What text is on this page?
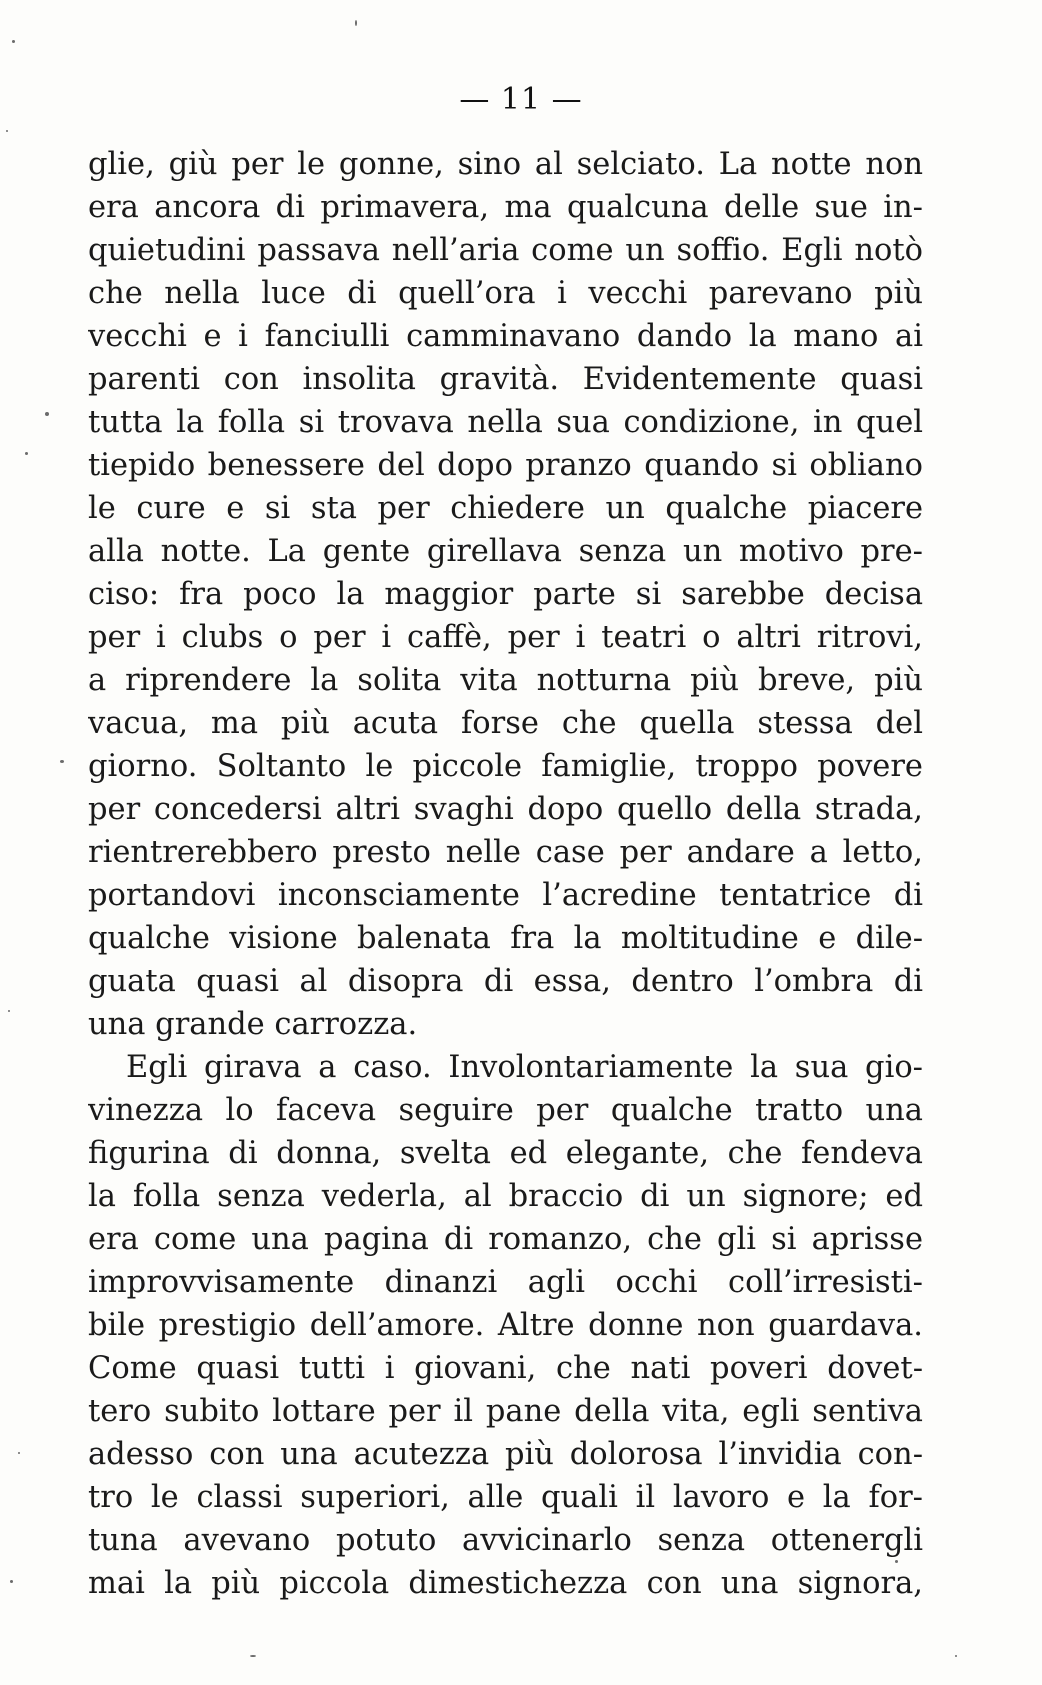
— 11 —
glie, giù per le gonne, sino al selciato. La notte non
era ancora di primavera, ma qualcuna delle sue in-
quietudini passava nell’aria come un soffio. Egli notò
che nella luce di quell’ora i vecchi parevano più
vecchi e i fanciulli camminavano dando la mano ai
parenti con insolita gravità. Evidentemente quasi
tutta la folla si trovava nella sua condizione, in quel
tiepido benessere del dopo pranzo quando si obliano
le cure e si sta per chiedere un qualche piacere
alla notte. La gente girellava senza un motivo pre-
ciso: fra poco la maggior parte si sarebbe decisa
per i clubs o per i caffè, per i teatri o altri ritrovi,
a riprendere la solita vita notturna più breve, più
vacua, ma più acuta forse che quella stessa del
giorno. Soltanto le piccole famiglie, troppo povere
per concedersi altri svaghi dopo quello della strada,
rientrerebbero presto nelle case per andare a letto,
portandovi inconsciamente l’acredine tentatrice di
qualche visione balenata fra la moltitudine e dile-
guata quasi al disopra di essa, dentro l’ombra di
una grande carrozza.
Egli girava a caso. Involontariamente la sua gio-
vinezza lo faceva seguire per qualche tratto una
figurina di donna, svelta ed elegante, che fendeva
la folla senza vederla, al braccio di un signore; ed
era come una pagina di romanzo, che gli si aprisse
improvvisamente dinanzi agli occhi coll’irresisti-
bile prestigio dell’amore. Altre donne non guardava.
Come quasi tutti i giovani, che nati poveri dovet-
tero subito lottare per il pane della vita, egli sentiva
adesso con una acutezza più dolorosa l’invidia con-
tro le classi superiori, alle quali il lavoro e la for-
tuna avevano potuto avvicinarlo senza ottenergli
mai la più piccola dimestichezza con una signora,
